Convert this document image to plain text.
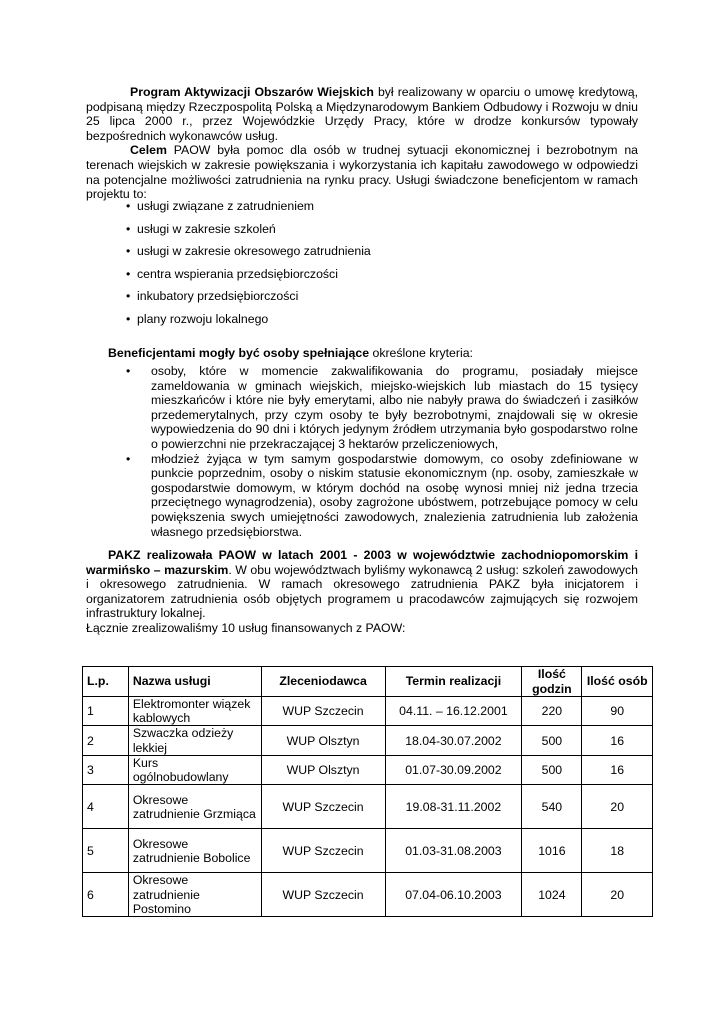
Program Aktywizacji Obszarów Wiejskich był realizowany w oparciu o umowę kredytową, podpisaną między Rzeczpospolitą Polską a Międzynarodowym Bankiem Odbudowy i Rozwoju w dniu 25 lipca 2000 r., przez Wojewódzkie Urzędy Pracy, które w drodze konkursów typowały bezpośrednich wykonawców usług.

Celem PAOW była pomoc dla osób w trudnej sytuacji ekonomicznej i bezrobotnym na terenach wiejskich w zakresie powiększania i wykorzystania ich kapitału zawodowego w odpowiedzi na potencjalne możliwości zatrudnienia na rynku pracy. Usługi świadczone beneficjentom w ramach projektu to:

• usługi związane z zatrudnieniem
• usługi w zakresie szkoleń
• usługi w zakresie okresowego zatrudnienia
• centra wspierania przedsiębiorczości
• inkubatory przedsiębiorczości
• plany rozwoju lokalnego
Beneficjentami mogły być osoby spełniające określone kryteria:
• osoby, które w momencie zakwalifikowania do programu, posiadały miejsce zameldowania w gminach wiejskich, miejsko-wiejskich lub miastach do 15 tysięcy mieszkańców i które nie były emerytami, albo nie nabyły prawa do świadczeń i zasiłków przedemerytalnych, przy czym osoby te były bezrobotnymi, znajdowali się w okresie wypowiedzenia do 90 dni i których jedynym źródłem utrzymania było gospodarstwo rolne o powierzchni nie przekraczającej 3 hektarów przeliczeniowych,
• młodzież żyjąca w tym samym gospodarstwie domowym, co osoby zdefiniowane w punkcie poprzednim, osoby o niskim statusie ekonomicznym (np. osoby, zamieszkałe w gospodarstwie domowym, w którym dochód na osobę wynosi mniej niż jedna trzecia przeciętnego wynagrodzenia), osoby zagrożone ubóstwem, potrzebujące pomocy w celu powiększenia swych umiejętności zawodowych, znalezienia zatrudnienia lub założenia własnego przedsiębiorstwa.

PAKZ realizowała PAOW w latach 2001 - 2003 w województwie zachodniopomorskim i warmińsko – mazurskim. W obu województwach byliśmy wykonawcą 2 usług: szkoleń zawodowych i okresowego zatrudnienia. W ramach okresowego zatrudnienia PAKZ była inicjatorem i organizatorem zatrudnienia osób objętych programem u pracodawców zajmujących się rozwojem infrastruktury lokalnej.

Łącznie zrealizowaliśmy 10 usług finansowanych z PAOW:

L.p.	Nazwa usługi	Zleceniodawca	Termin realizacji	Ilość godzin	Ilość osób
1	Elektromonter wiązek kablowych	WUP Szczecin	04.11. – 16.12.2001	220	90
2	Szwaczka odzieży lekkiej	WUP Olsztyn	18.04-30.07.2002	500	16
3	Kurs ogólnobudowlany	WUP Olsztyn	01.07-30.09.2002	500	16
4	Okresowe zatrudnienie Grzmiąca	WUP Szczecin	19.08-31.11.2002	540	20
5	Okresowe zatrudnienie Bobolice	WUP Szczecin	01.03-31.08.2003	1016	18
6	Okresowe zatrudnienie Postomino	WUP Szczecin	07.04-06.10.2003	1024	20
